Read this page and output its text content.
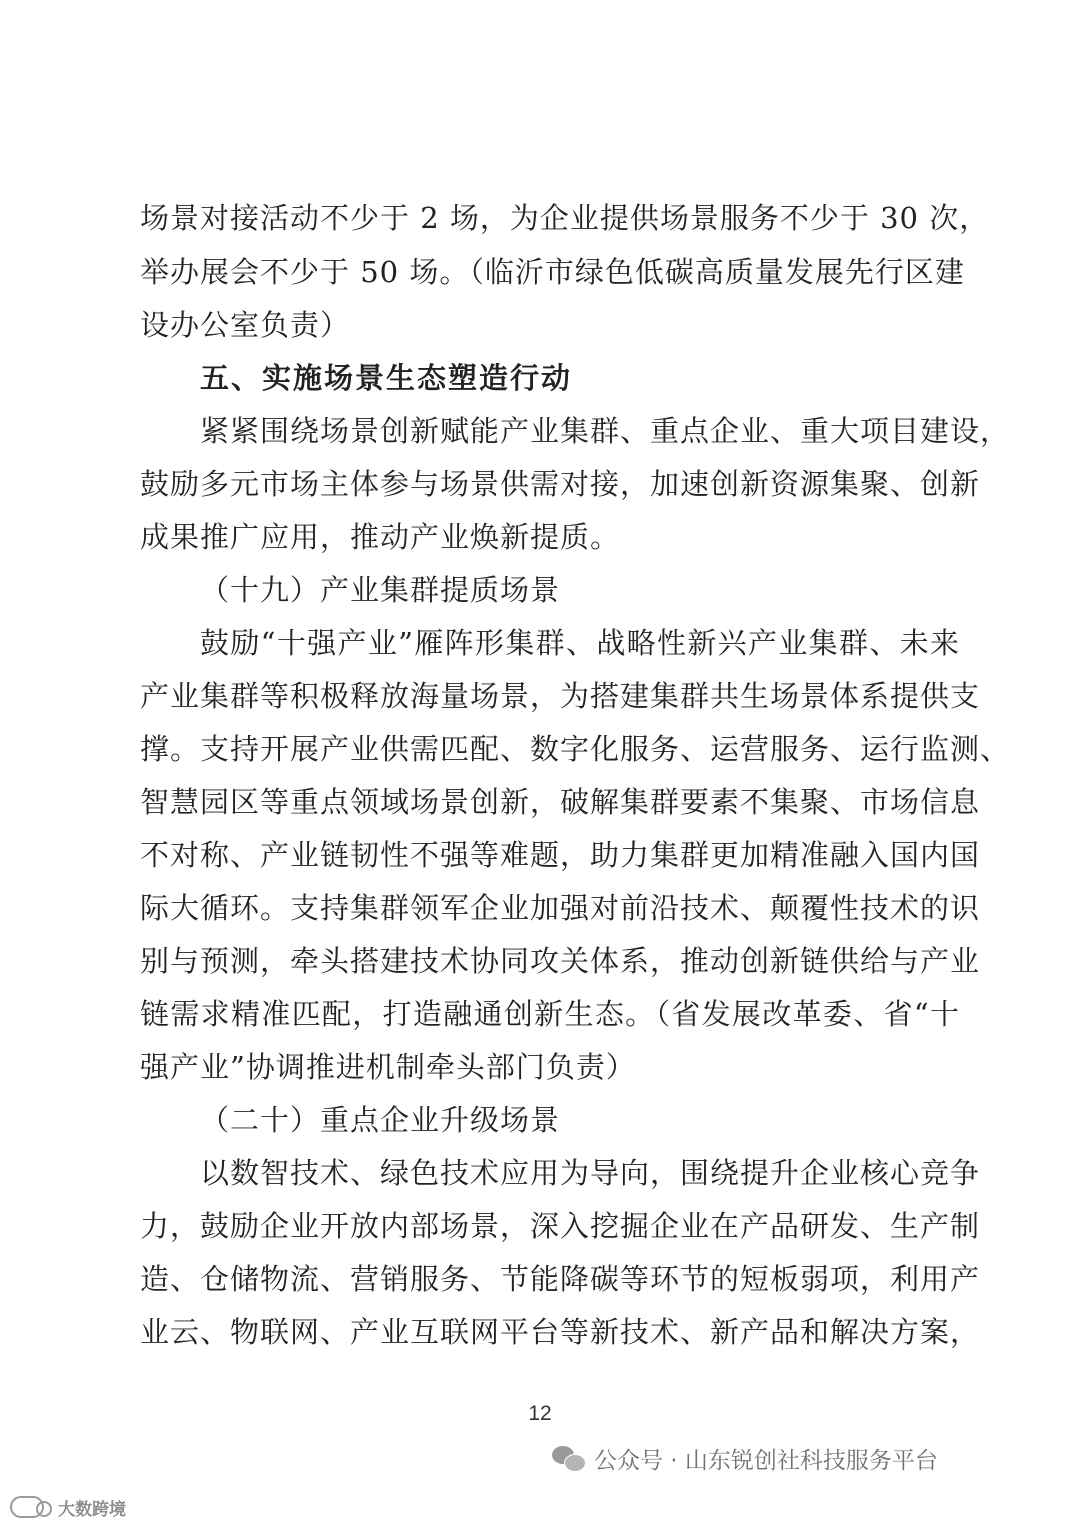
场景对接活动不少于 2 场，为企业提供场景服务不少于 30 次，
举办展会不少于 50 场。（临沂市绿色低碳高质量发展先行区建
设办公室负责）
五、实施场景生态塑造行动
紧紧围绕场景创新赋能产业集群、重点企业、重大项目建设，
鼓励多元市场主体参与场景供需对接，加速创新资源集聚、创新
成果推广应用，推动产业焕新提质。
（十九）产业集群提质场景
鼓励“十强产业”雁阵形集群、战略性新兴产业集群、未来
产业集群等积极释放海量场景，为搭建集群共生场景体系提供支
撑。支持开展产业供需匹配、数字化服务、运营服务、运行监测、
智慧园区等重点领域场景创新，破解集群要素不集聚、市场信息
不对称、产业链韧性不强等难题，助力集群更加精准融入国内国
际大循环。支持集群领军企业加强对前沿技术、颠覆性技术的识
别与预测，牵头搭建技术协同攻关体系，推动创新链供给与产业
链需求精准匹配，打造融通创新生态。（省发展改革委、省“十
强产业”协调推进机制牵头部门负责）
（二十）重点企业升级场景
以数智技术、绿色技术应用为导向，围绕提升企业核心竞争
力，鼓励企业开放内部场景，深入挖掘企业在产品研发、生产制
造、仓储物流、营销服务、节能降碳等环节的短板弱项，利用产
业云、物联网、产业互联网平台等新技术、新产品和解决方案，
12
公众号 · 山东锐创社科技服务平台
大数跨境
